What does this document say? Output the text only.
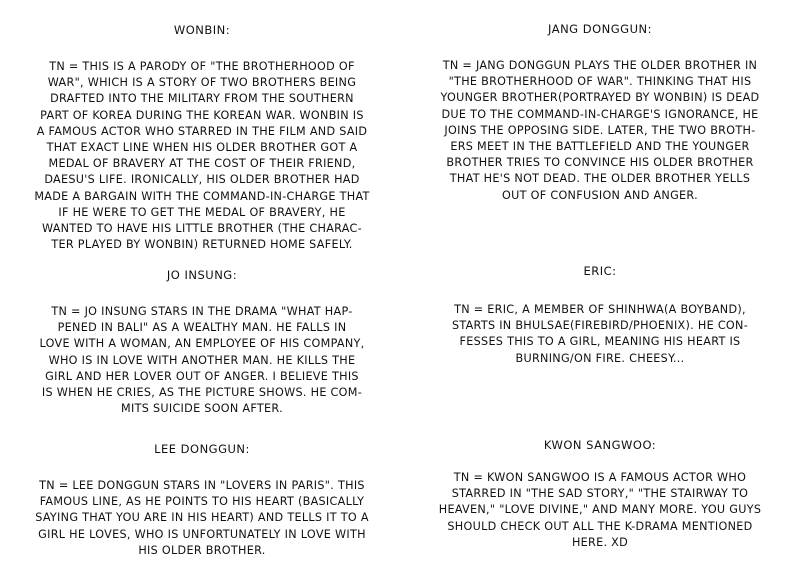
WONBIN:
TN = THIS IS A PARODY OF "THE BROTHERHOOD OF
WAR", WHICH IS A STORY OF TWO BROTHERS BEING
DRAFTED INTO THE MILITARY FROM THE SOUTHERN
PART OF KOREA DURING THE KOREAN WAR. WONBIN IS
A FAMOUS ACTOR WHO STARRED IN THE FILM AND SAID
THAT EXACT LINE WHEN HIS OLDER BROTHER GOT A
MEDAL OF BRAVERY AT THE COST OF THEIR FRIEND,
DAESU'S LIFE. IRONICALLY, HIS OLDER BROTHER HAD
MADE A BARGAIN WITH THE COMMAND-IN-CHARGE THAT
IF HE WERE TO GET THE MEDAL OF BRAVERY, HE
WANTED TO HAVE HIS LITTLE BROTHER (THE CHARAC-
TER PLAYED BY WONBIN) RETURNED HOME SAFELY.
JANG DONGGUN:
TN = JANG DONGGUN PLAYS THE OLDER BROTHER IN
"THE BROTHERHOOD OF WAR". THINKING THAT HIS
YOUNGER BROTHER(PORTRAYED BY WONBIN) IS DEAD
DUE TO THE COMMAND-IN-CHARGE'S IGNORANCE, HE
JOINS THE OPPOSING SIDE. LATER, THE TWO BROTH-
ERS MEET IN THE BATTLEFIELD AND THE YOUNGER
BROTHER TRIES TO CONVINCE HIS OLDER BROTHER
THAT HE'S NOT DEAD. THE OLDER BROTHER YELLS
OUT OF CONFUSION AND ANGER.
JO INSUNG:
TN = JO INSUNG STARS IN THE DRAMA "WHAT HAP-
PENED IN BALI" AS A WEALTHY MAN. HE FALLS IN
LOVE WITH A WOMAN, AN EMPLOYEE OF HIS COMPANY,
WHO IS IN LOVE WITH ANOTHER MAN. HE KILLS THE
GIRL AND HER LOVER OUT OF ANGER. I BELIEVE THIS
IS WHEN HE CRIES, AS THE PICTURE SHOWS. HE COM-
MITS SUICIDE SOON AFTER.
ERIC:
TN = ERIC, A MEMBER OF SHINHWA(A BOYBAND),
STARTS IN BHULSAE(FIREBIRD/PHOENIX). HE CON-
FESSES THIS TO A GIRL, MEANING HIS HEART IS
BURNING/ON FIRE. CHEESY...
LEE DONGGUN:
TN = LEE DONGGUN STARS IN "LOVERS IN PARIS". THIS
FAMOUS LINE, AS HE POINTS TO HIS HEART (BASICALLY
SAYING THAT YOU ARE IN HIS HEART) AND TELLS IT TO A
GIRL HE LOVES, WHO IS UNFORTUNATELY IN LOVE WITH
HIS OLDER BROTHER.
KWON SANGWOO:
TN = KWON SANGWOO IS A FAMOUS ACTOR WHO
STARRED IN "THE SAD STORY," "THE STAIRWAY TO
HEAVEN," "LOVE DIVINE," AND MANY MORE. YOU GUYS
SHOULD CHECK OUT ALL THE K-DRAMA MENTIONED
HERE. XD
